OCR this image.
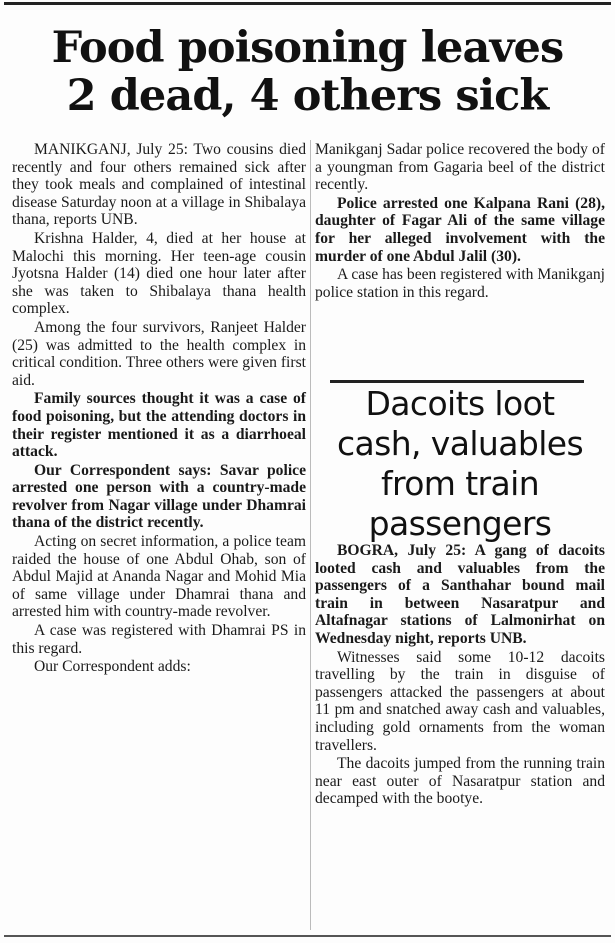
Food poisoning leaves
2 dead, 4 others sick

MANIKGANJ, July 25: Two cousins died recently and four others remained sick after they took meals and complained of intestinal disease Saturday noon at a village in Shibalaya thana, reports UNB.

Krishna Halder, 4, died at her house at Malochi this morning. Her teen-age cousin Jyotsna Halder (14) died one hour later after she was taken to Shibalaya thana health complex.

Among the four survivors, Ranjeet Halder (25) was admitted to the health complex in critical condition. Three others were given first aid.

Family sources thought it was a case of food poisoning, but the attending doctors in their register mentioned it as a diarrhoeal attack.

Our Correspondent says: Savar police arrested one person with a country-made revolver from Nagar village under Dhamrai thana of the district recently.

Acting on secret information, a police team raided the house of one Abdul Ohab, son of Abdul Majid at Ananda Nagar and Mohid Mia of same village under Dhamrai thana and arrested him with country-made revolver.

A case was registered with Dhamrai PS in this regard.

Our Correspondent adds:

Manikganj Sadar police recovered the body of a youngman from Gagaria beel of the district recently.

Police arrested one Kalpana Rani (28), daughter of Fagar Ali of the same village for her alleged involvement with the murder of one Abdul Jalil (30).

A case has been registered with Manikganj police station in this regard.

Dacoits loot
cash, valuables
from train
passengers

BOGRA, July 25: A gang of dacoits looted cash and valuables from the passengers of a Santhahar bound mail train in between Nasaratpur and Altafnagar stations of Lalmonirhat on Wednesday night, reports UNB.

Witnesses said some 10-12 dacoits travelling by the train in disguise of passengers attacked the passengers at about 11 pm and snatched away cash and valuables, including gold ornaments from the woman travellers.

The dacoits jumped from the running train near east outer of Nasaratpur station and decamped with the bootye.
